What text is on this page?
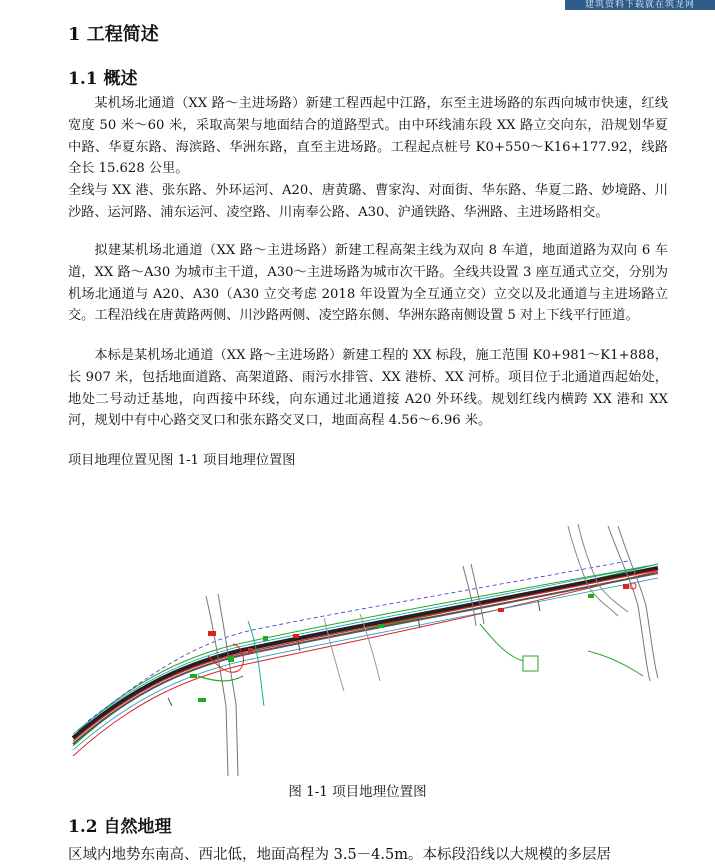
建筑资料下载就在筑龙网
1 工程简述
1.1 概述

某机场北通道（XX 路～主进场路）新建工程西起中江路，东至主进场路的东西向城市快速，红线宽度 50 米～60 米，采取高架与地面结合的道路型式。由中环线浦东段 XX 路立交向东，沿规划华夏中路、华夏东路、海滨路、华洲东路，直至主进场路。工程起点桩号 K0+550～K16+177.92，线路全长 15.628 公里。

全线与 XX 港、张东路、外环运河、A20、唐黄璐、曹家沟、对面街、华东路、华夏二路、妙境路、川沙路、运河路、浦东运河、凌空路、川南奉公路、A30、沪通铁路、华洲路、主进场路相交。

拟建某机场北通道（XX 路～主进场路）新建工程高架主线为双向 8 车道，地面道路为双向 6 车道，XX 路～A30 为城市主干道，A30～主进场路为城市次干路。全线共设置 3 座互通式立交，分别为机场北通道与 A20、A30（A30 立交考虑 2018 年设置为全互通立交）立交以及北通道与主进场路立交。工程沿线在唐黄路两侧、川沙路两侧、凌空路东侧、华洲东路南侧设置 5 对上下线平行匝道。

本标是某机场北通道（XX 路～主进场路）新建工程的 XX 标段，施工范围 K0+981～K1+888，长 907 米，包括地面道路、高架道路、雨污水排管、XX 港桥、XX 河桥。项目位于北通道西起始处，地处二号动迁基地，向西接中环线，向东通过北通道接 A20 外环线。规划红线内横跨 XX 港和 XX 河，规划中有中心路交叉口和张东路交叉口，地面高程 4.56～6.96 米。

项目地理位置见图 1-1 项目地理位置图

图 1-1 项目地理位置图
1.2 自然地理
区域内地势东南高、西北低，地面高程为 3.5－4.5m。本标段沿线以大规模的多层居
